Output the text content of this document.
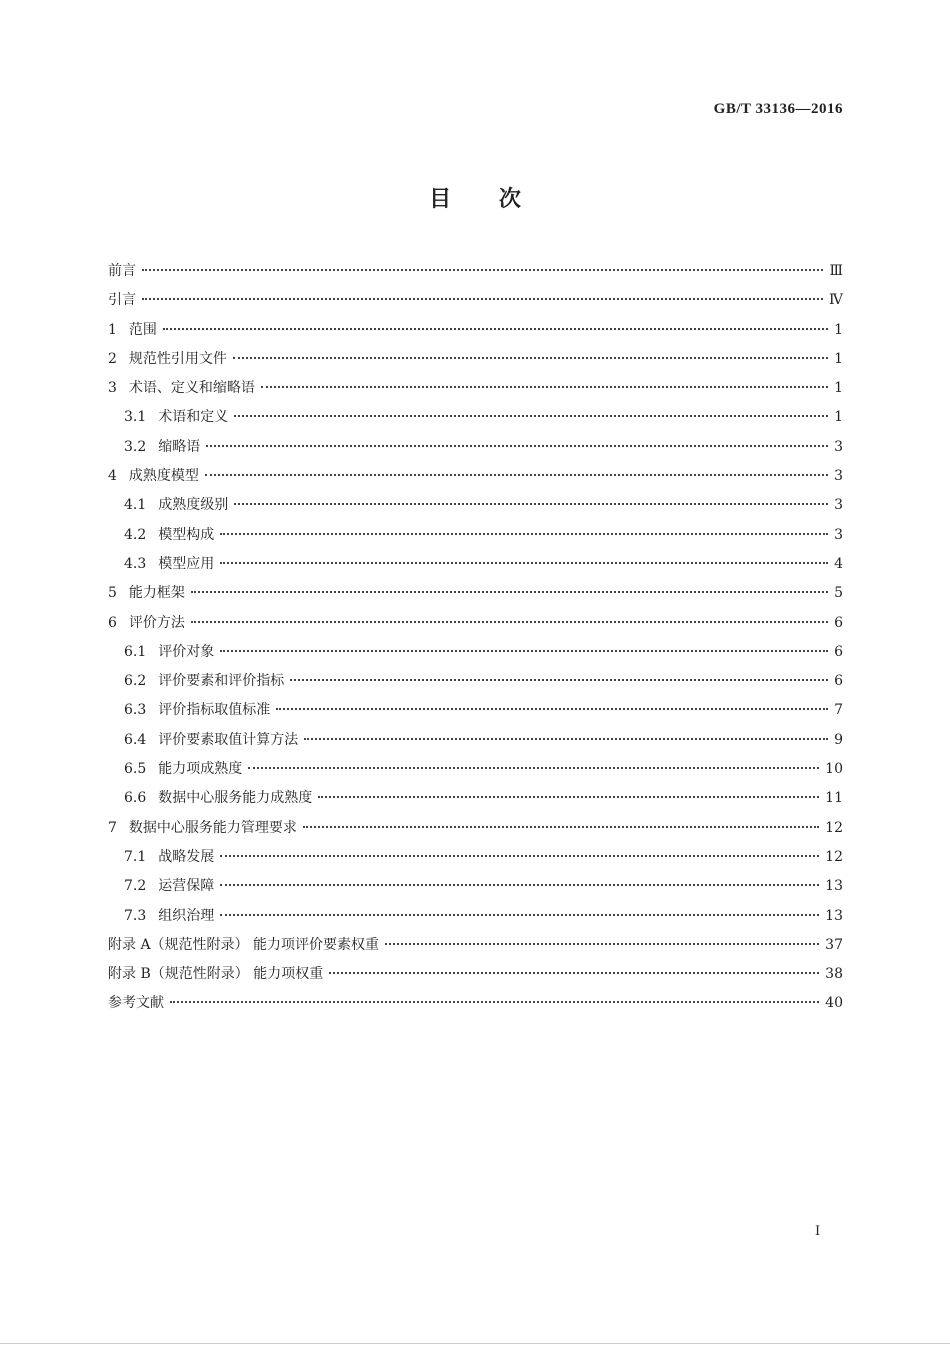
GB/T 33136—2016
目 次
前言	Ⅲ
引言	Ⅳ
1 范围	1
2 规范性引用文件	1
3 术语、定义和缩略语	1
3.1 术语和定义	1
3.2 缩略语	3
4 成熟度模型	3
4.1 成熟度级别	3
4.2 模型构成	3
4.3 模型应用	4
5 能力框架	5
6 评价方法	6
6.1 评价对象	6
6.2 评价要素和评价指标	6
6.3 评价指标取值标准	7
6.4 评价要素取值计算方法	9
6.5 能力项成熟度	10
6.6 数据中心服务能力成熟度	11
7 数据中心服务能力管理要求	12
7.1 战略发展	12
7.2 运营保障	13
7.3 组织治理	13
附录 A（规范性附录） 能力项评价要素权重	37
附录 B（规范性附录） 能力项权重	38
参考文献	40
I
